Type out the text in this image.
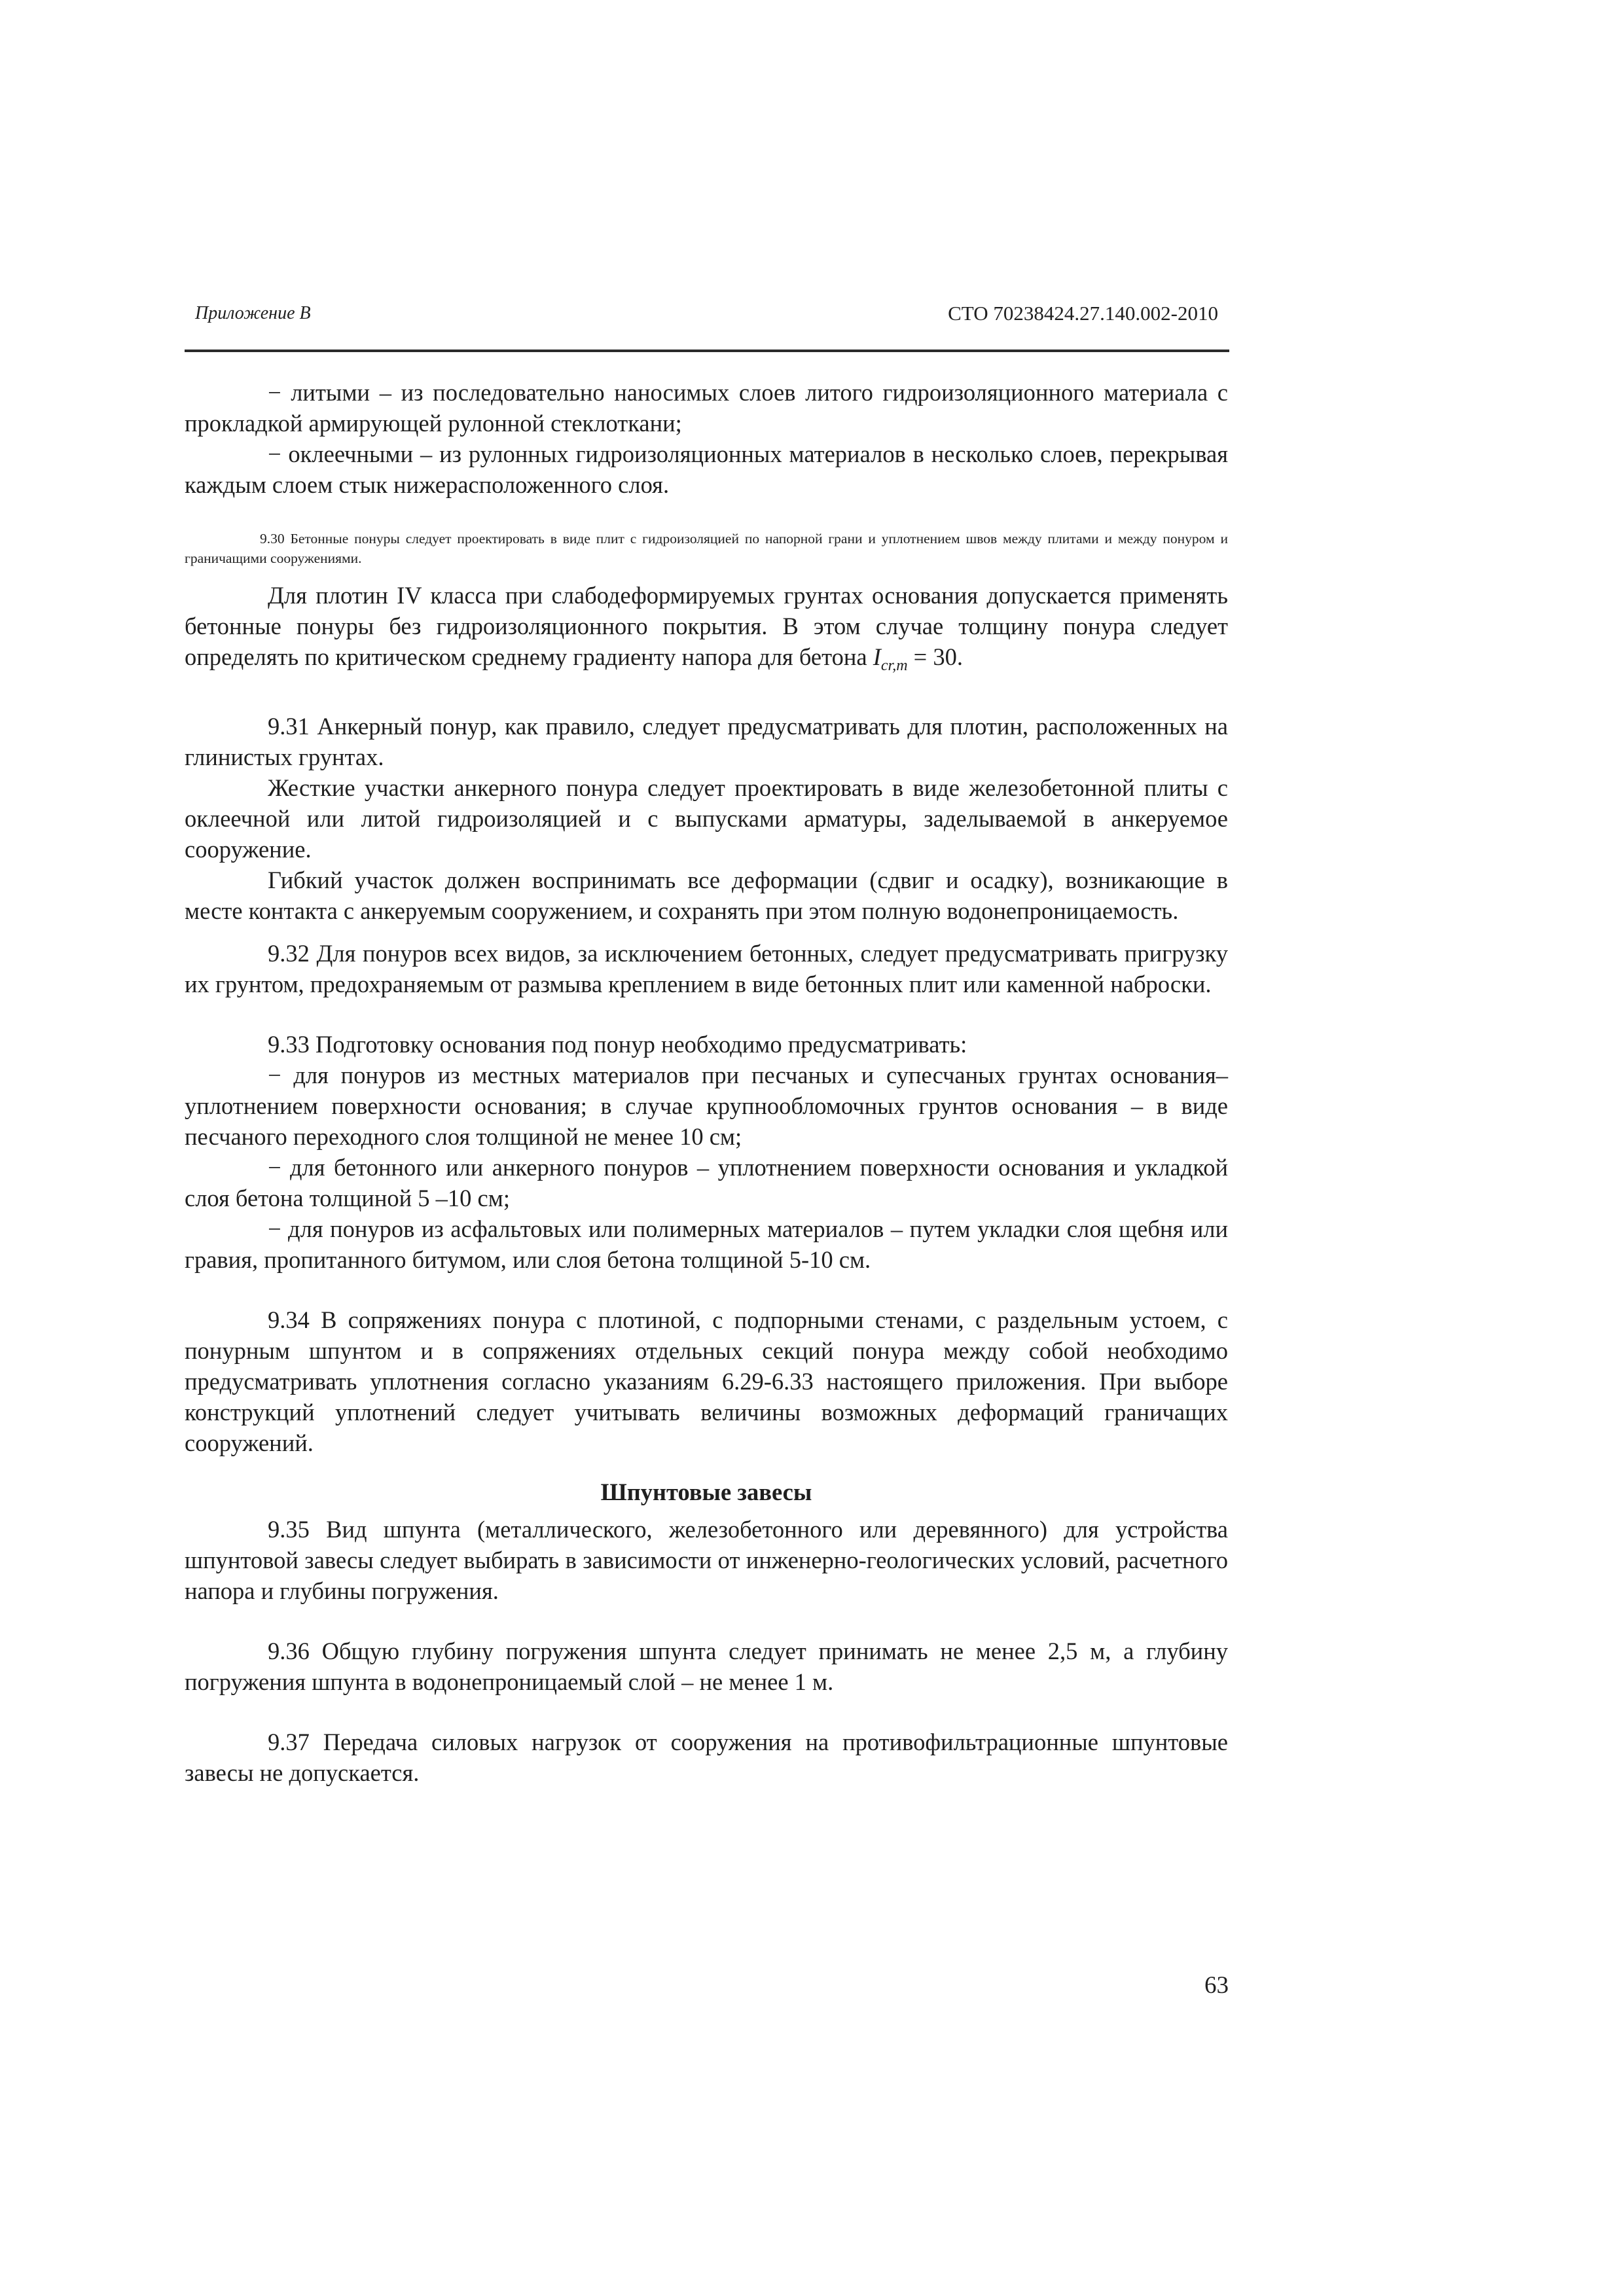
Приложение В	СТО 70238424.27.140.002-2010

− литыми – из последовательно наносимых слоев литого гидроизоляционного материала с прокладкой армирующей рулонной стеклоткани;

− оклеечными – из рулонных гидроизоляционных материалов в несколько слоев, перекрывая каждым слоем стык нижерасположенного слоя.

9.30 Бетонные понуры следует проектировать в виде плит с гидроизоляцией по напорной грани и уплотнением швов между плитами и между понуром и граничащими сооружениями.

Для плотин IV класса при слабодеформируемых грунтах основания допускается применять бетонные понуры без гидроизоляционного покрытия. В этом случае толщину понура следует определять по критическом среднему градиенту напора для бетона $I_{cr,m} = 30$.

9.31 Анкерный понур, как правило, следует предусматривать для плотин, расположенных на глинистых грунтах.

Жесткие участки анкерного понура следует проектировать в виде железобетонной плиты с оклеечной или литой гидроизоляцией и с выпусками арматуры, заделываемой в анкеруемое сооружение.

Гибкий участок должен воспринимать все деформации (сдвиг и осадку), возникающие в месте контакта с анкеруемым сооружением, и сохранять при этом полную водонепроницаемость.

9.32 Для понуров всех видов, за исключением бетонных, следует предусматривать пригрузку их грунтом, предохраняемым от размыва креплением в виде бетонных плит или каменной наброски.

9.33 Подготовку основания под понур необходимо предусматривать:

− для понуров из местных материалов при песчаных и супесчаных грунтах основания– уплотнением поверхности основания; в случае крупнообломочных грунтов основания – в виде песчаного переходного слоя толщиной не менее 10 см;

− для бетонного или анкерного понуров – уплотнением поверхности основания и укладкой слоя бетона толщиной 5 –10 см;

− для понуров из асфальтовых или полимерных материалов – путем укладки слоя щебня или гравия, пропитанного битумом, или слоя бетона толщиной 5-10 см.

9.34 В сопряжениях понура с плотиной, с подпорными стенами, с раздельным устоем, с понурным шпунтом и в сопряжениях отдельных секций понура между собой необходимо предусматривать уплотнения согласно указаниям 6.29-6.33 настоящего приложения. При выборе конструкций уплотнений следует учитывать величины возможных деформаций граничащих сооружений.

Шпунтовые завесы

9.35 Вид шпунта (металлического, железобетонного или деревянного) для устройства шпунтовой завесы следует выбирать в зависимости от инженерно-геологических условий, расчетного напора и глубины погружения.

9.36 Общую глубину погружения шпунта следует принимать не менее 2,5 м, а глубину погружения шпунта в водонепроницаемый слой – не менее 1 м.

9.37 Передача силовых нагрузок от сооружения на противофильтрационные шпунтовые завесы не допускается.

63
